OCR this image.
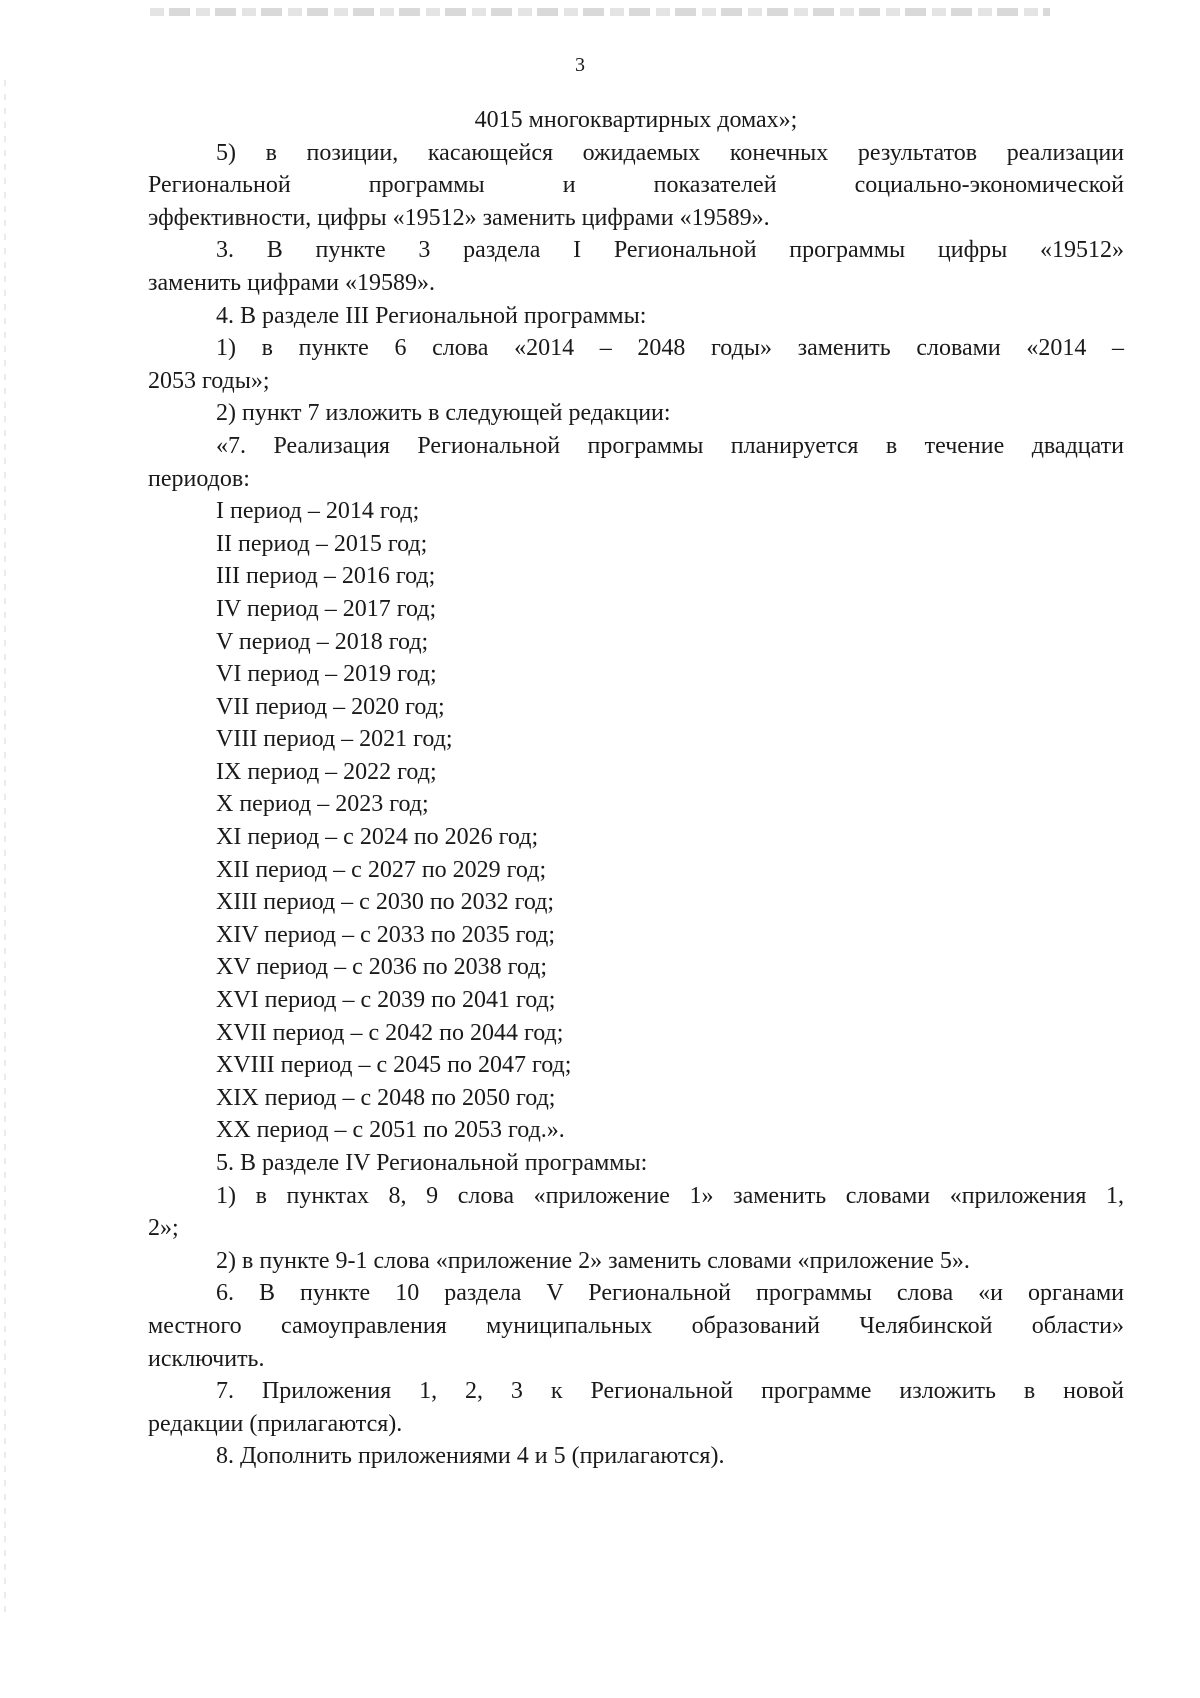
3

4015 многоквартирных домах»;

5) в позиции, касающейся ожидаемых конечных результатов реализации

Региональной программы и показателей социально-экономической

эффективности, цифры «19512» заменить цифрами «19589».

3. В пункте 3 раздела I Региональной программы цифры «19512»

заменить цифрами «19589».

4. В разделе III Региональной программы:

1) в пункте 6 слова «2014 – 2048 годы» заменить словами «2014 –

2053 годы»;

2) пункт 7 изложить в следующей редакции:

«7. Реализация Региональной программы планируется в течение двадцати

периодов:

I период – 2014 год;

II период – 2015 год;

III период – 2016 год;

IV период – 2017 год;

V период – 2018 год;

VI период – 2019 год;

VII период – 2020 год;

VIII период – 2021 год;

IX период – 2022 год;

X период – 2023 год;

XI период – с 2024 по 2026 год;

XII период – с 2027 по 2029 год;

XIII период – с 2030 по 2032 год;

XIV период – с 2033 по 2035 год;

XV период – с 2036 по 2038 год;

XVI период – с 2039 по 2041 год;

XVII период – с 2042 по 2044 год;

XVIII период – с 2045 по 2047 год;

XIX период – с 2048 по 2050 год;

XX период – с 2051 по 2053 год.».

5. В разделе IV Региональной программы:

1) в пунктах 8, 9 слова «приложение 1» заменить словами «приложения 1,

2»;

2) в пункте 9-1 слова «приложение 2» заменить словами «приложение 5».

6. В пункте 10 раздела V Региональной программы слова «и органами

местного самоуправления муниципальных образований Челябинской области»

исключить.

7. Приложения 1, 2, 3 к Региональной программе изложить в новой

редакции (прилагаются).

8. Дополнить приложениями 4 и 5 (прилагаются).
